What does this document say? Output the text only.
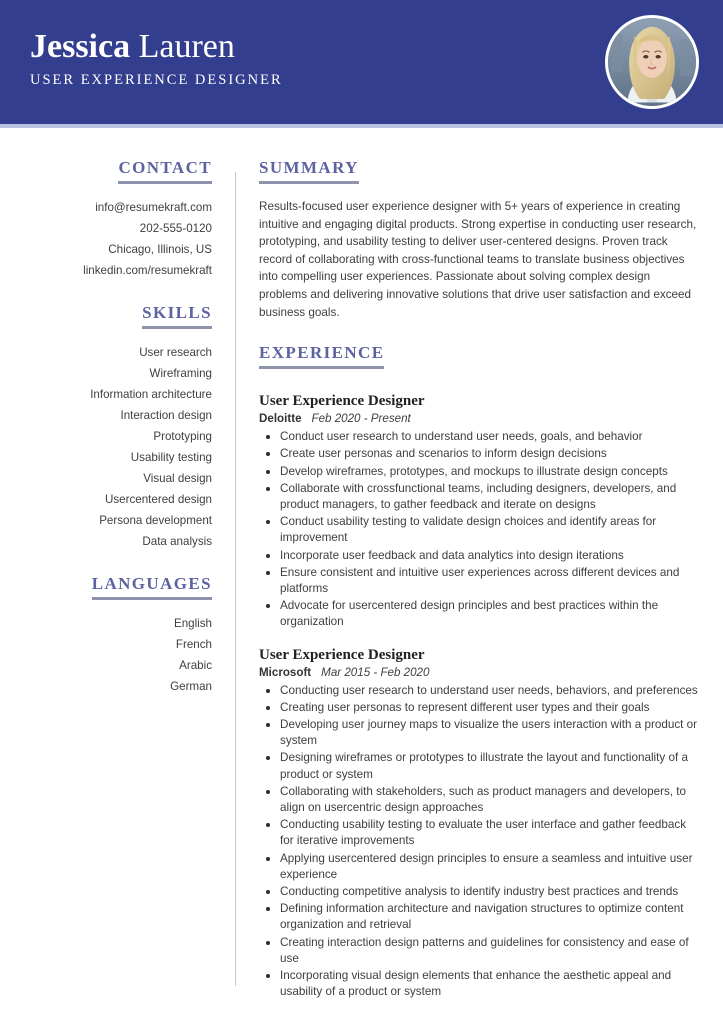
Jessica Lauren
USER EXPERIENCE DESIGNER
CONTACT
info@resumekraft.com
202-555-0120
Chicago, Illinois, US
linkedin.com/resumekraft
SKILLS
User research
Wireframing
Information architecture
Interaction design
Prototyping
Usability testing
Visual design
Usercentered design
Persona development
Data analysis
LANGUAGES
English
French
Arabic
German
SUMMARY
Results-focused user experience designer with 5+ years of experience in creating intuitive and engaging digital products. Strong expertise in conducting user research, prototyping, and usability testing to deliver user-centered designs. Proven track record of collaborating with cross-functional teams to translate business objectives into compelling user experiences. Passionate about solving complex design problems and delivering innovative solutions that drive user satisfaction and exceed business goals.
EXPERIENCE
User Experience Designer
Deloitte Feb 2020 - Present
Conduct user research to understand user needs, goals, and behavior
Create user personas and scenarios to inform design decisions
Develop wireframes, prototypes, and mockups to illustrate design concepts
Collaborate with crossfunctional teams, including designers, developers, and product managers, to gather feedback and iterate on designs
Conduct usability testing to validate design choices and identify areas for improvement
Incorporate user feedback and data analytics into design iterations
Ensure consistent and intuitive user experiences across different devices and platforms
Advocate for usercentered design principles and best practices within the organization
User Experience Designer
Microsoft Mar 2015 - Feb 2020
Conducting user research to understand user needs, behaviors, and preferences
Creating user personas to represent different user types and their goals
Developing user journey maps to visualize the users interaction with a product or system
Designing wireframes or prototypes to illustrate the layout and functionality of a product or system
Collaborating with stakeholders, such as product managers and developers, to align on usercentric design approaches
Conducting usability testing to evaluate the user interface and gather feedback for iterative improvements
Applying usercentered design principles to ensure a seamless and intuitive user experience
Conducting competitive analysis to identify industry best practices and trends
Defining information architecture and navigation structures to optimize content organization and retrieval
Creating interaction design patterns and guidelines for consistency and ease of use
Incorporating visual design elements that enhance the aesthetic appeal and usability of a product or system
